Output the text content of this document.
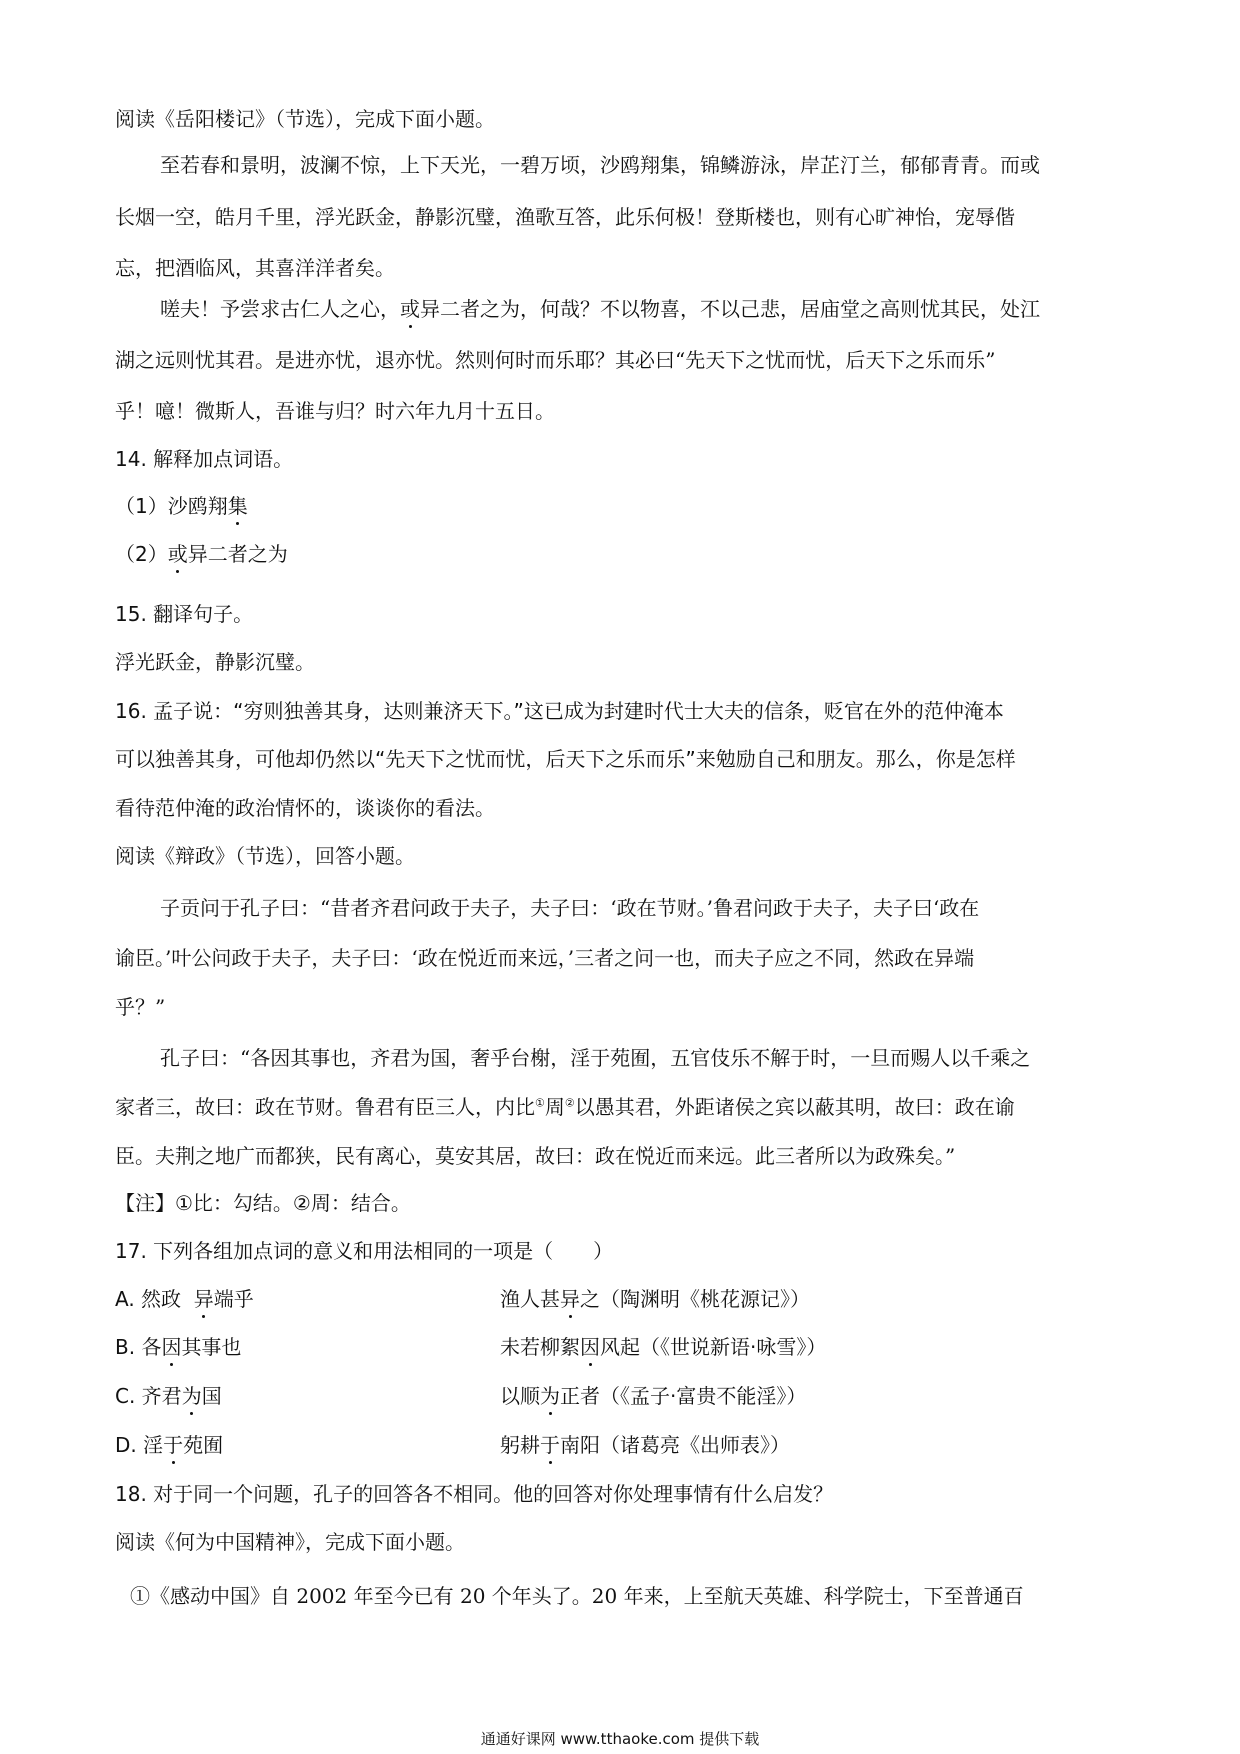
阅读《岳阳楼记》（节选），完成下面小题。
至若春和景明，波澜不惊，上下天光，一碧万顷，沙鸥翔集，锦鳞游泳，岸芷汀兰，郁郁青青。而或
长烟一空，皓月千里，浮光跃金，静影沉璧，渔歌互答，此乐何极！登斯楼也，则有心旷神怡，宠辱偕
忘，把酒临风，其喜洋洋者矣。
嗟夫！予尝求古仁人之心，或异二者之为，何哉？不以物喜，不以己悲，居庙堂之高则忧其民，处江
湖之远则忧其君。是进亦忧，退亦忧。然则何时而乐耶？其必曰“先天下之忧而忧，后天下之乐而乐”
乎！噫！微斯人，吾谁与归？时六年九月十五日。
14. 解释加点词语。
（1）沙鸥翔集
（2）或异二者之为
15. 翻译句子。
浮光跃金，静影沉璧。
16. 孟子说：“穷则独善其身，达则兼济天下。”这已成为封建时代士大夫的信条，贬官在外的范仲淹本
可以独善其身，可他却仍然以“先天下之忧而忧，后天下之乐而乐”来勉励自己和朋友。那么，你是怎样
看待范仲淹的政治情怀的，谈谈你的看法。
阅读《辩政》（节选），回答小题。
子贡问于孔子曰：“昔者齐君问政于夫子，夫子曰：‘政在节财。’鲁君问政于夫子，夫子曰‘政在
谕臣。’叶公问政于夫子，夫子曰：‘政在悦近而来远，’三者之问一也，而夫子应之不同，然政在异端
乎？”
孔子曰：“各因其事也，齐君为国，奢乎台榭，淫于苑囿，五官伎乐不解于时，一旦而赐人以千乘之
家者三，故曰：政在节财。鲁君有臣三人，内比①周②以愚其君，外距诸侯之宾以蔽其明，故曰：政在谕
臣。夫荆之地广而都狭，民有离心，莫安其居，故曰：政在悦近而来远。此三者所以为政殊矣。”
【注】①比：勾结。②周：结合。
17. 下列各组加点词的意义和用法相同的一项是（　　）
A. 然政  异端乎	渔人甚异之（陶渊明《桃花源记》）
B. 各因其事也	未若柳絮因风起（《世说新语·咏雪》）
C. 齐君为国	以顺为正者（《孟子·富贵不能淫》）
D. 淫于苑囿	躬耕于南阳（诸葛亮《出师表》）
18. 对于同一个问题，孔子的回答各不相同。他的回答对你处理事情有什么启发？
阅读《何为中国精神》，完成下面小题。
①《感动中国》自 2002 年至今已有 20 个年头了。20 年来，上至航天英雄、科学院士，下至普通百
通通好课网 www.tthaoke.com 提供下载
